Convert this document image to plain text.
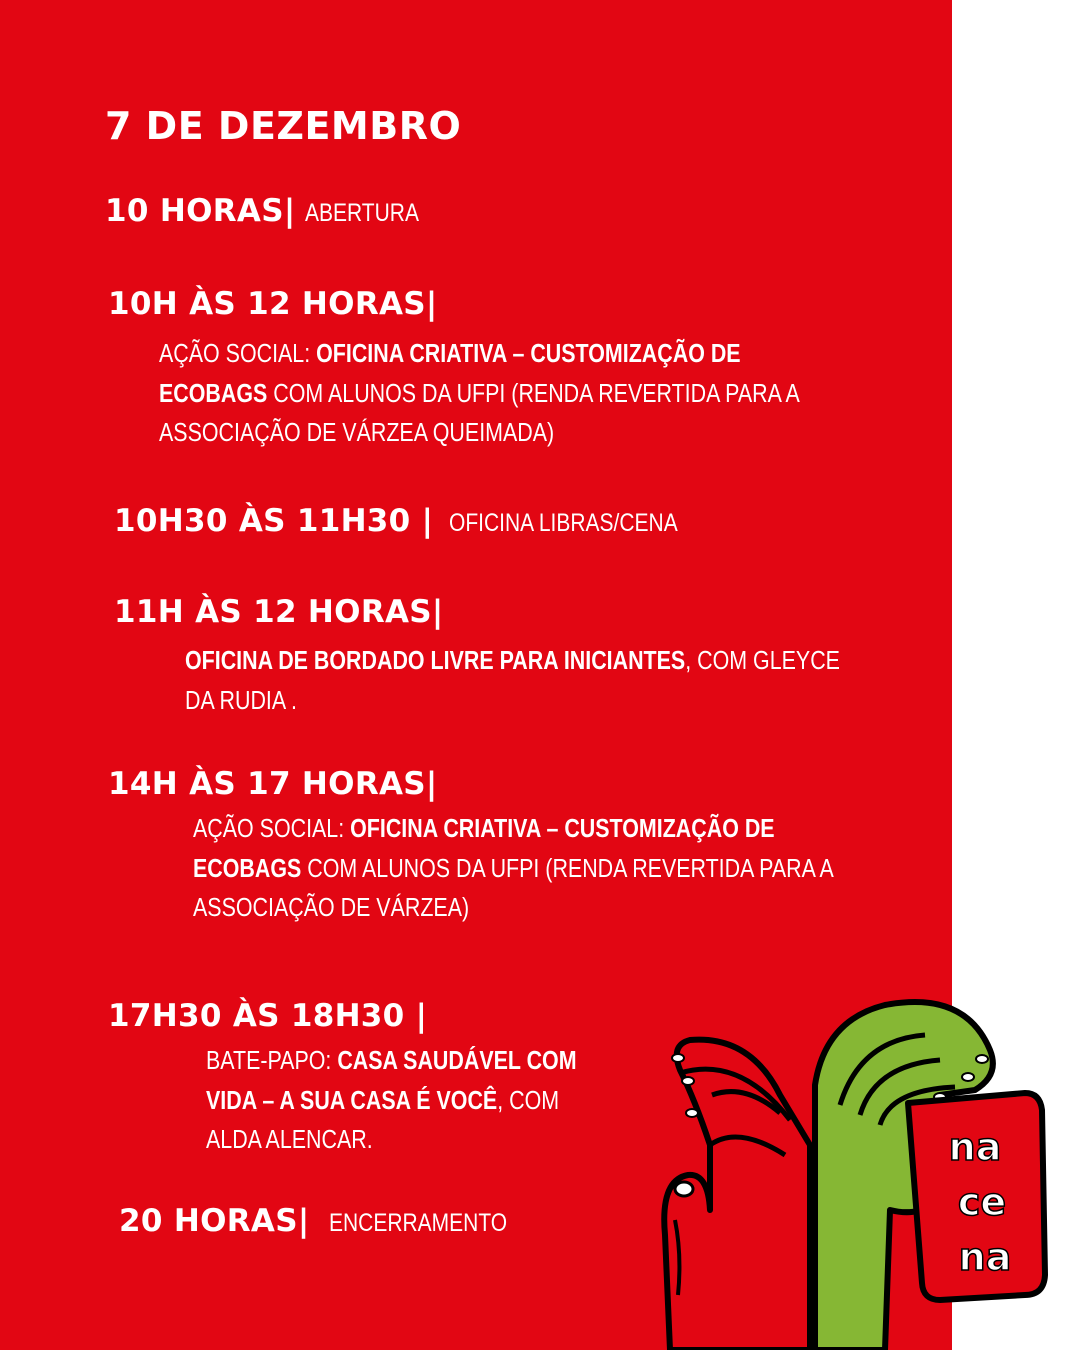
7 DE DEZEMBRO
10 HORAS| ABERTURA
10H ÀS 12 HORAS|
AÇÃO SOCIAL: OFICINA CRIATIVA – CUSTOMIZAÇÃO DE
ECOBAGS COM ALUNOS DA UFPI (RENDA REVERTIDA PARA A
ASSOCIAÇÃO DE VÁRZEA QUEIMADA)
10H30 ÀS 11H30 | OFICINA LIBRAS/CENA
11H ÀS 12 HORAS|
OFICINA DE BORDADO LIVRE PARA INICIANTES, COM GLEYCE
DA RUDIA .
14H ÀS 17 HORAS|
AÇÃO SOCIAL: OFICINA CRIATIVA – CUSTOMIZAÇÃO DE
ECOBAGS COM ALUNOS DA UFPI (RENDA REVERTIDA PARA A
ASSOCIAÇÃO DE VÁRZEA)
17H30 ÀS 18H30 |
BATE-PAPO: CASA SAUDÁVEL COM
VIDA – A SUA CASA É VOCÊ, COM
ALDA ALENCAR.
20 HORAS| ENCERRAMENTO
na
ce
na
